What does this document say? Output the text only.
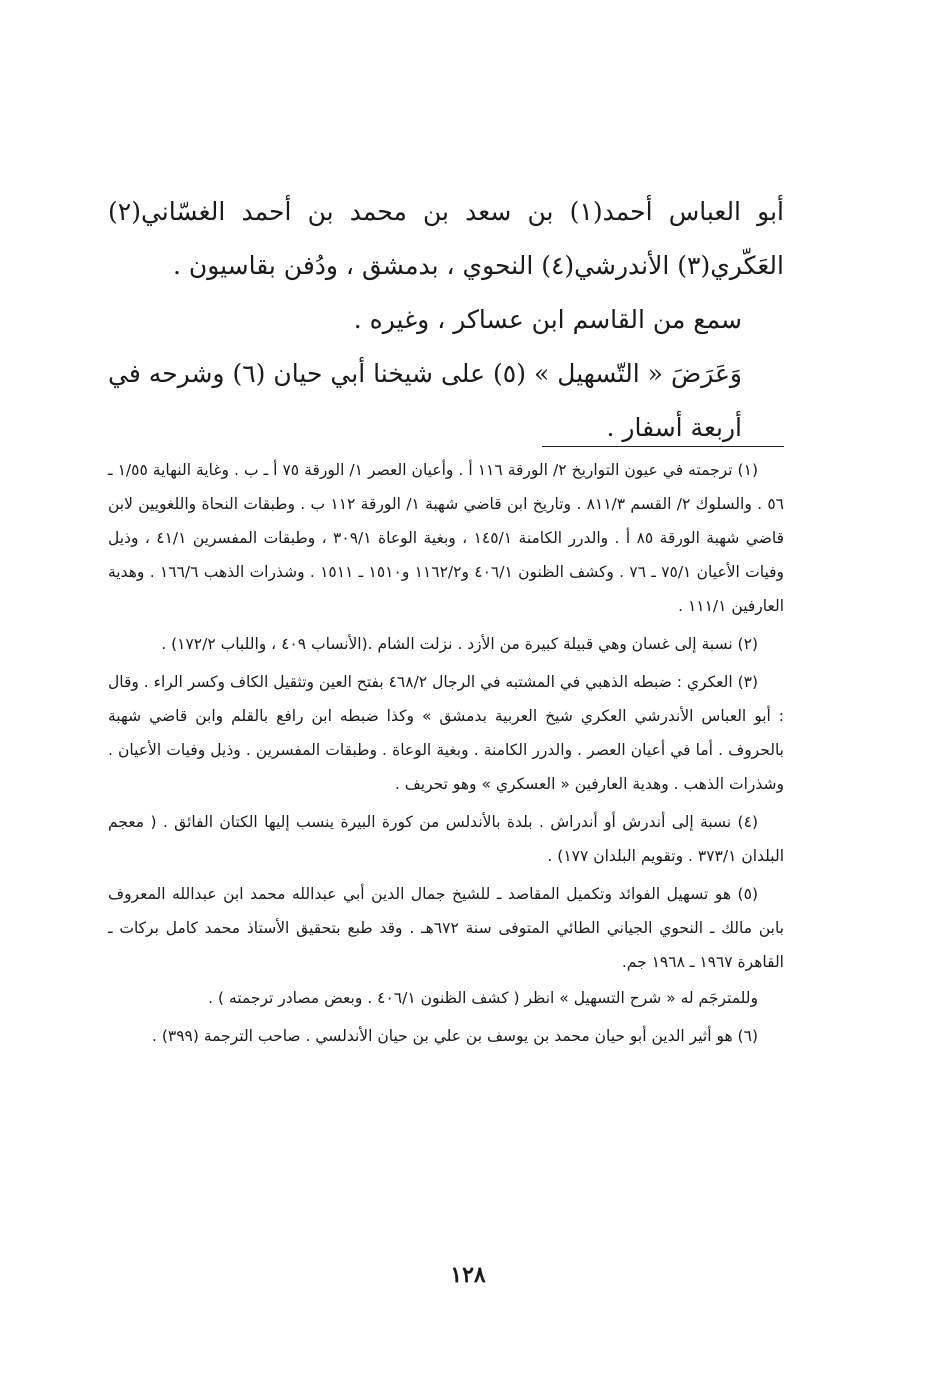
أبو العباس أحمد(١) بن سعد بن محمد بن أحمد الغسّاني(٢) العَكّري(٣) الأندرشي(٤) النحوي ، بدمشق ، ودُفن بقاسيون .

سمع من القاسم ابن عساكر ، وغيره .

وَعَرَضَ « التّسهيل » (٥) على شيخنا أبي حيان (٦) وشرحه في أربعة أسفار .

(١) ترجمته في عيون التواريخ ٢/ الورقة ١١٦ أ . وأعيان العصر ١/ الورقة ٧٥ أ ـ ب . وغاية النهاية ١/٥٥ ـ ٥٦ . والسلوك ٢/ القسم ٨١١/٣ . وتاريخ ابن قاضي شهبة ١/ الورقة ١١٢ ب . وطبقات النحاة واللغويين لابن قاضي شهبة الورقة ٨٥ أ . والدرر الكامنة ١٤٥/١ ، وبغية الوعاة ٣٠٩/١ ، وطبقات المفسرين ٤١/١ ، وذيل وفيات الأعيان ٧٥/١ ـ ٧٦ . وكشف الظنون ٤٠٦/١ و١١٦٢/٢ و١٥١٠ ـ ١٥١١ . وشذرات الذهب ١٦٦/٦ . وهدية العارفين ١١١/١ .

(٢) نسبة إلى غسان وهي قبيلة كبيرة من الأزد . نزلت الشام .(الأنساب ٤٠٩ ، واللباب ١٧٢/٢) .

(٣) العكري : ضبطه الذهبي في المشتبه في الرجال ٤٦٨/٢ بفتح العين وتثقيل الكاف وكسر الراء . وقال : أبو العباس الأندرشي العكري شيخ العربية بدمشق » وكذا ضبطه ابن رافع بالقلم وابن قاضي شهبة بالحروف . أما في أعيان العصر . والدرر الكامنة . وبغية الوعاة . وطبقات المفسرين . وذيل وفيات الأعيان . وشذرات الذهب . وهدية العارفين « العسكري » وهو تحريف .

(٤) نسبة إلى أندرش أو أندراش . بلدة بالأندلس من كورة البيرة ينسب إليها الكتان الفائق . ( معجم البلدان ٣٧٣/١ . وتقويم البلدان ١٧٧) .

(٥) هو تسهيل الفوائد وتكميل المقاصد ـ للشيخ جمال الدين أبي عبدالله محمد ابن عبدالله المعروف بابن مالك ـ النحوي الجياني الطائي المتوفى سنة ٦٧٢هـ . وقد طبع بتحقيق الأستاذ محمد كامل بركات ـ القاهرة ١٩٦٧ ـ ١٩٦٨ جم.

وللمترجَم له « شرح التسهيل » انظر ( كشف الظنون ٤٠٦/١ . وبعض مصادر ترجمته ) .

(٦) هو أثير الدين أبو حيان محمد بن يوسف بن علي بن حيان الأندلسي . صاحب الترجمة (٣٩٩) .

١٢٨
